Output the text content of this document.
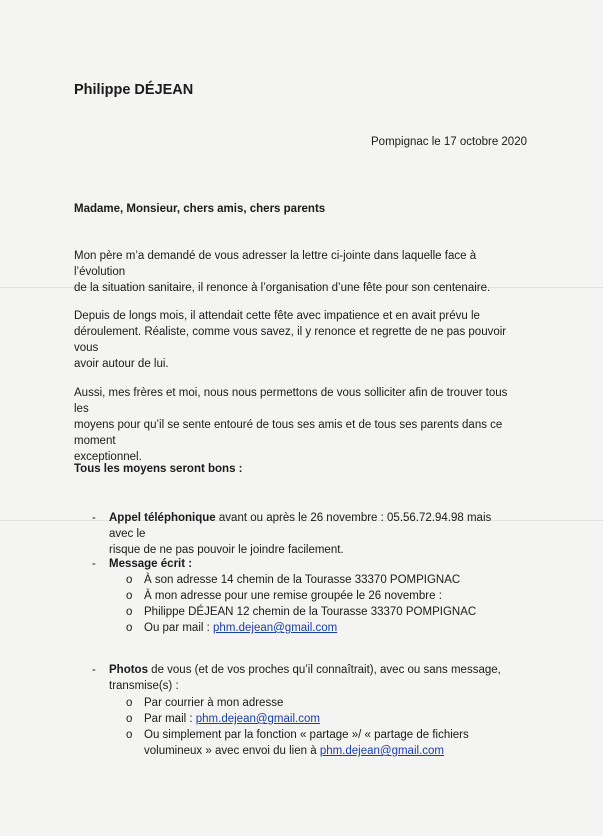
Philippe DÉJEAN
Pompignac le 17 octobre 2020
Madame, Monsieur, chers amis, chers parents
Mon père m’a demandé de vous adresser la lettre ci-jointe dans laquelle face à l’évolution
de la situation sanitaire, il renonce à l’organisation d’une fête pour son centenaire.
Depuis de longs mois, il attendait cette fête avec impatience et en avait prévu le
déroulement. Réaliste, comme vous savez, il y renonce et regrette de ne pas pouvoir vous
avoir autour de lui.
Aussi, mes frères et moi, nous nous permettons de vous solliciter afin de trouver tous les
moyens pour qu’il se sente entouré de tous ses amis et de tous ses parents dans ce moment
exceptionnel.
Tous les moyens seront bons :
- Appel téléphonique avant ou après le 26 novembre : 05.56.72.94.98 mais avec le
risque de ne pas pouvoir le joindre facilement.
- Message écrit :
o À son adresse 14 chemin de la Tourasse 33370 POMPIGNAC
o À mon adresse pour une remise groupée le 26 novembre :
o Philippe DÉJEAN 12 chemin de la Tourasse 33370 POMPIGNAC
o Ou par mail : phm.dejean@gmail.com
- Photos de vous (et de vos proches qu’il connaîtrait), avec ou sans message,
transmise(s) :
o Par courrier à mon adresse
o Par mail : phm.dejean@gmail.com
o Ou simplement par la fonction « partage »/ « partage de fichiers
volumineux » avec envoi du lien à phm.dejean@gmail.com
